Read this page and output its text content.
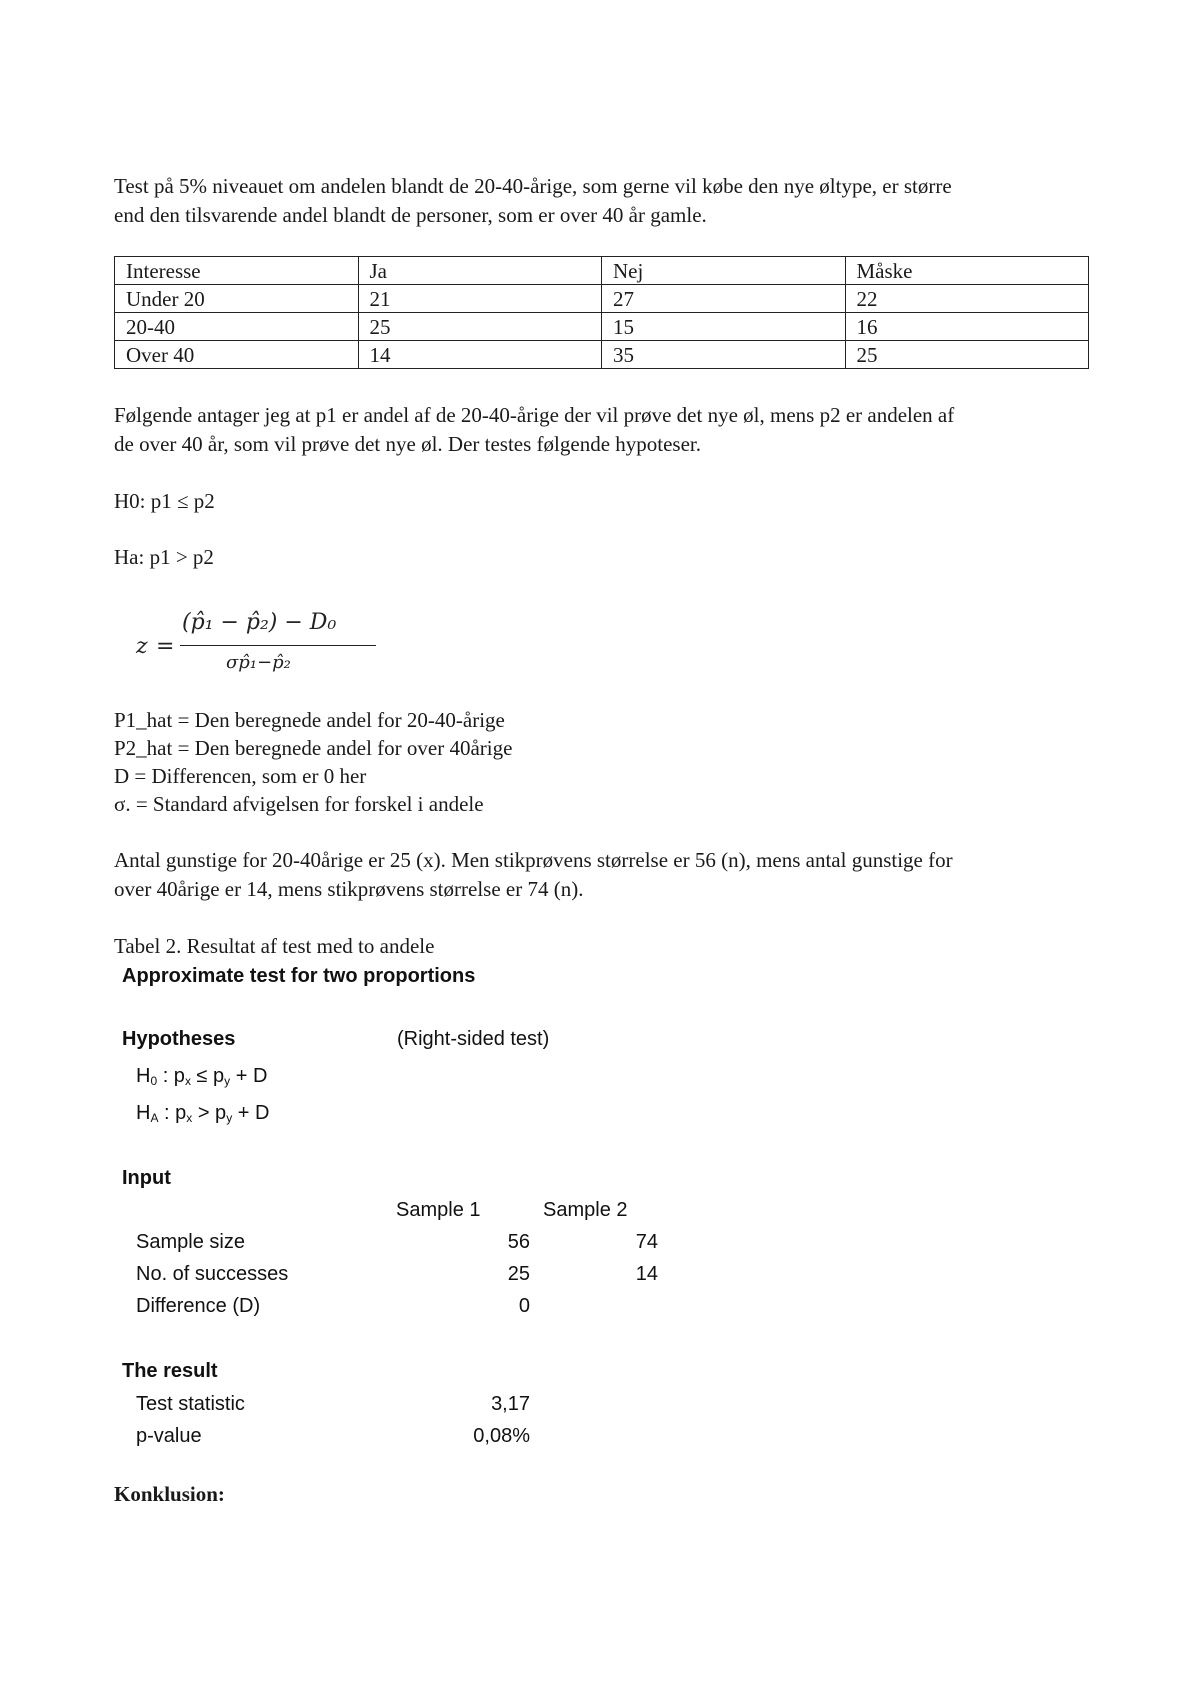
Test på 5% niveauet om andelen blandt de 20-40-årige, som gerne vil købe den nye øltype, er større

end den tilsvarende andel blandt de personer, som er over 40 år gamle.

Interesse	Ja	Nej	Måske
Under 20	21	27	22
20-40	25	15	16
Over 40	14	35	25

Følgende antager jeg at p1 er andel af de 20-40-årige der vil prøve det nye øl, mens p2 er andelen af

de over 40 år, som vil prøve det nye øl. Der testes følgende hypoteser.

H0: p1 ≤ p2

Ha: p1 > p2

z =
(p̂₁ − p̂₂) − D₀
σp̂₁−p̂₂

P1_hat = Den beregnede andel for 20-40-årige

P2_hat = Den beregnede andel for over 40årige

D = Differencen, som er 0 her

σ. = Standard afvigelsen for forskel i andele

Antal gunstige for 20-40årige er 25 (x). Men stikprøvens størrelse er 56 (n), mens antal gunstige for

over 40årige er 14, mens stikprøvens størrelse er 74 (n).

Tabel 2. Resultat af test med to andele

Approximate test for two proportions
Hypotheses	(Right-sided test)
$H_0$ : $p_x \le p_y + D$
$H_A$ : $p_x > p_y + D$
Input
Sample 1	Sample 2
Sample size	56	74
No. of successes	25	14
Difference (D)	0
The result
Test statistic	3,17
p-value	0,08%

Konklusion:
